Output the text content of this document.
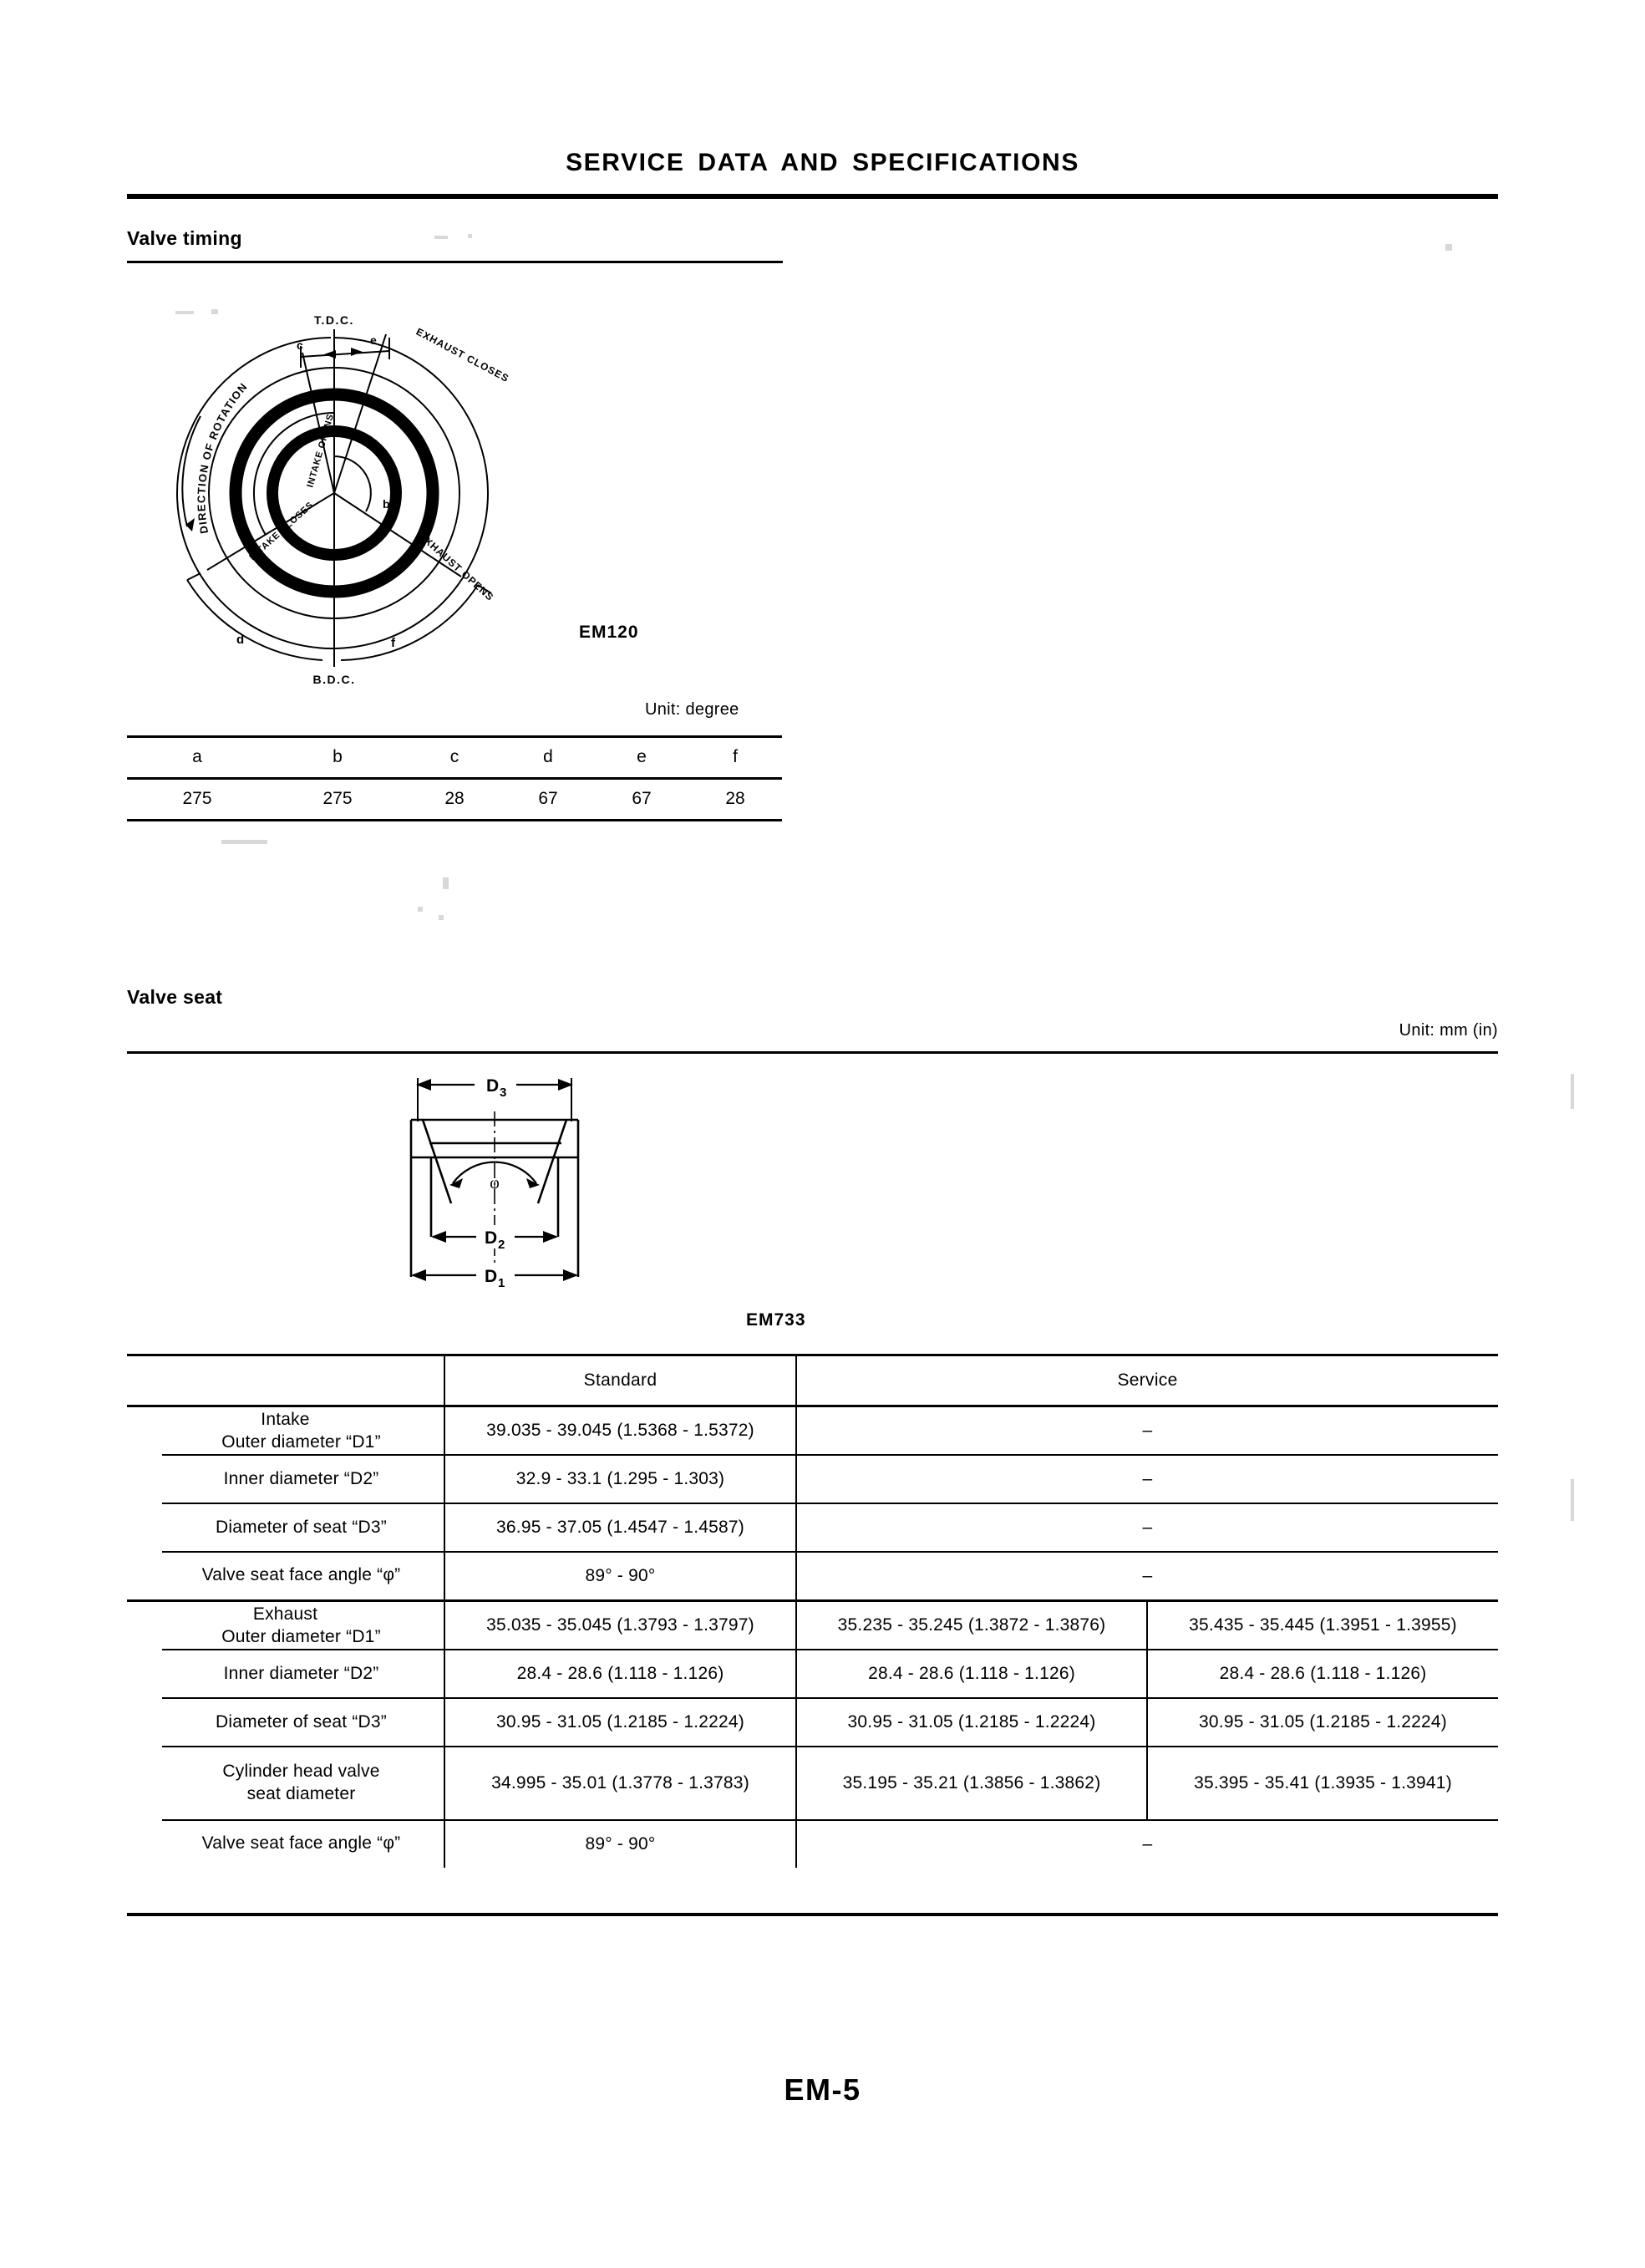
SERVICE DATA AND SPECIFICATIONS
Valve timing
T.D.C.
B.D.C.
c	e
d	f
b
DIRECTION OF ROTATION
EXHAUST CLOSES
EXHAUST OPENS
INTAKE OPENS
INTAKE CLOSES
EM120
Unit: degree
a	b	c	d	e	f
275	275	28	67	67	28
Valve seat
Unit: mm (in)
φ
D 3
D 2
D 1
EM733
	Standard	Service	

Intake
Outer diameter “D1”	39.035 - 39.045 (1.5368 - 1.5372)	–	

Inner diameter “D2”	32.9 - 33.1 (1.295 - 1.303)	–	

Diameter of seat “D3”	36.95 - 37.05 (1.4547 - 1.4587)	–	

Valve seat face angle “φ”	89° - 90°	–	

Exhaust
Outer diameter “D1”	35.035 - 35.045 (1.3793 - 1.3797)	35.235 - 35.245 (1.3872 - 1.3876)	35.435 - 35.445 (1.3951 - 1.3955)

Inner diameter “D2”	28.4 - 28.6 (1.118 - 1.126)	28.4 - 28.6 (1.118 - 1.126)	28.4 - 28.6 (1.118 - 1.126)

Diameter of seat “D3”	30.95 - 31.05 (1.2185 - 1.2224)	30.95 - 31.05 (1.2185 - 1.2224)	30.95 - 31.05 (1.2185 - 1.2224)

Cylinder head valve
seat diameter	34.995 - 35.01 (1.3778 - 1.3783)	35.195 - 35.21 (1.3856 - 1.3862)	35.395 - 35.41 (1.3935 - 1.3941)

Valve seat face angle “φ”	89° - 90°	–	
EM-5
